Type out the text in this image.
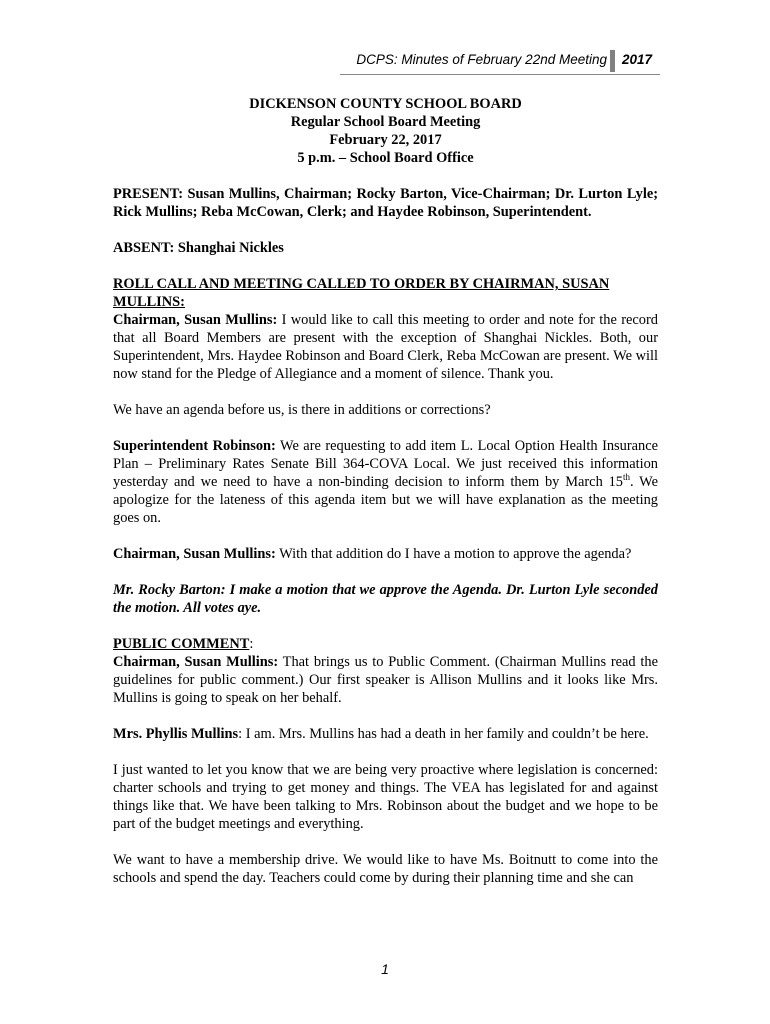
DCPS: Minutes of February 22nd Meeting 2017
DICKENSON COUNTY SCHOOL BOARD
Regular School Board Meeting
February 22, 2017
5 p.m. – School Board Office

PRESENT: Susan Mullins, Chairman; Rocky Barton, Vice-Chairman; Dr. Lurton Lyle; Rick Mullins; Reba McCowan, Clerk; and Haydee Robinson, Superintendent.

ABSENT: Shanghai Nickles

ROLL CALL AND MEETING CALLED TO ORDER BY CHAIRMAN, SUSAN MULLINS:

Chairman, Susan Mullins: I would like to call this meeting to order and note for the record that all Board Members are present with the exception of Shanghai Nickles. Both, our Superintendent, Mrs. Haydee Robinson and Board Clerk, Reba McCowan are present. We will now stand for the Pledge of Allegiance and a moment of silence. Thank you.

We have an agenda before us, is there in additions or corrections?

Superintendent Robinson: We are requesting to add item L. Local Option Health Insurance Plan – Preliminary Rates Senate Bill 364-COVA Local. We just received this information yesterday and we need to have a non-binding decision to inform them by March 15th. We apologize for the lateness of this agenda item but we will have explanation as the meeting goes on.

Chairman, Susan Mullins: With that addition do I have a motion to approve the agenda?

Mr. Rocky Barton: I make a motion that we approve the Agenda. Dr. Lurton Lyle seconded the motion. All votes aye.

PUBLIC COMMENT:

Chairman, Susan Mullins: That brings us to Public Comment. (Chairman Mullins read the guidelines for public comment.) Our first speaker is Allison Mullins and it looks like Mrs. Mullins is going to speak on her behalf.

Mrs. Phyllis Mullins: I am. Mrs. Mullins has had a death in her family and couldn’t be here.

I just wanted to let you know that we are being very proactive where legislation is concerned: charter schools and trying to get money and things. The VEA has legislated for and against things like that. We have been talking to Mrs. Robinson about the budget and we hope to be part of the budget meetings and everything.

We want to have a membership drive. We would like to have Ms. Boitnutt to come into the schools and spend the day. Teachers could come by during their planning time and she can

1
